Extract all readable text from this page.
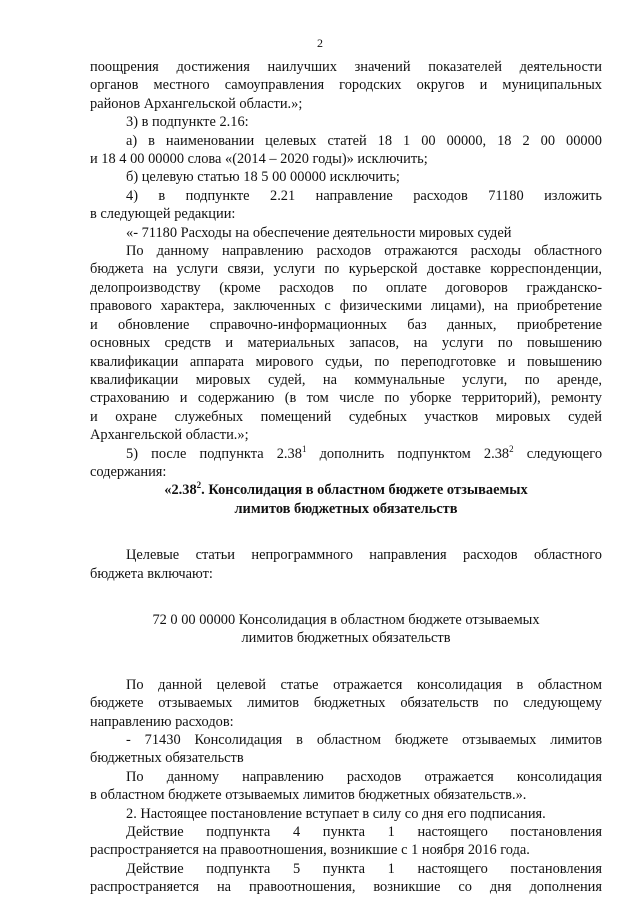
2

поощрения достижения наилучших значений показателей деятельности

органов местного самоуправления городских округов и муниципальных

районов Архангельской области.»;

3) в подпункте 2.16:

а) в наименовании целевых статей 18 1 00 00000, 18 2 00 00000

и 18 4 00 00000 слова «(2014 – 2020 годы)» исключить;

б) целевую статью 18 5 00 00000 исключить;

4) в подпункте 2.21 направление расходов 71180 изложить

в следующей редакции:

«- 71180 Расходы на обеспечение деятельности мировых судей

По данному направлению расходов отражаются расходы областного

бюджета на услуги связи, услуги по курьерской доставке корреспонденции,

делопроизводству (кроме расходов по оплате договоров гражданско-

правового характера, заключенных с физическими лицами), на приобретение

и обновление справочно-информационных баз данных, приобретение

основных средств и материальных запасов, на услуги по повышению

квалификации аппарата мирового судьи, по переподготовке и повышению

квалификации мировых судей, на коммунальные услуги, по аренде,

страхованию и содержанию (в том числе по уборке территорий), ремонту

и охране служебных помещений судебных участков мировых судей

Архангельской области.»;

5) после подпункта 2.38$^1$ дополнить подпунктом 2.38$^2$ следующего

содержания:

«2.38$^2$. Консолидация в областном бюджете отзываемых

лимитов бюджетных обязательств

Целевые статьи непрограммного направления расходов областного

бюджета включают:

72 0 00 00000 Консолидация в областном бюджете отзываемых

лимитов бюджетных обязательств

По данной целевой статье отражается консолидация в областном

бюджете отзываемых лимитов бюджетных обязательств по следующему

направлению расходов:

- 71430 Консолидация в областном бюджете отзываемых лимитов

бюджетных обязательств

По данному направлению расходов отражается консолидация

в областном бюджете отзываемых лимитов бюджетных обязательств.».

2. Настоящее постановление вступает в силу со дня его подписания.

Действие подпункта 4 пункта 1 настоящего постановления

распространяется на правоотношения, возникшие с 1 ноября 2016 года.

Действие подпункта 5 пункта 1 настоящего постановления

распространяется на правоотношения, возникшие со дня дополнения
